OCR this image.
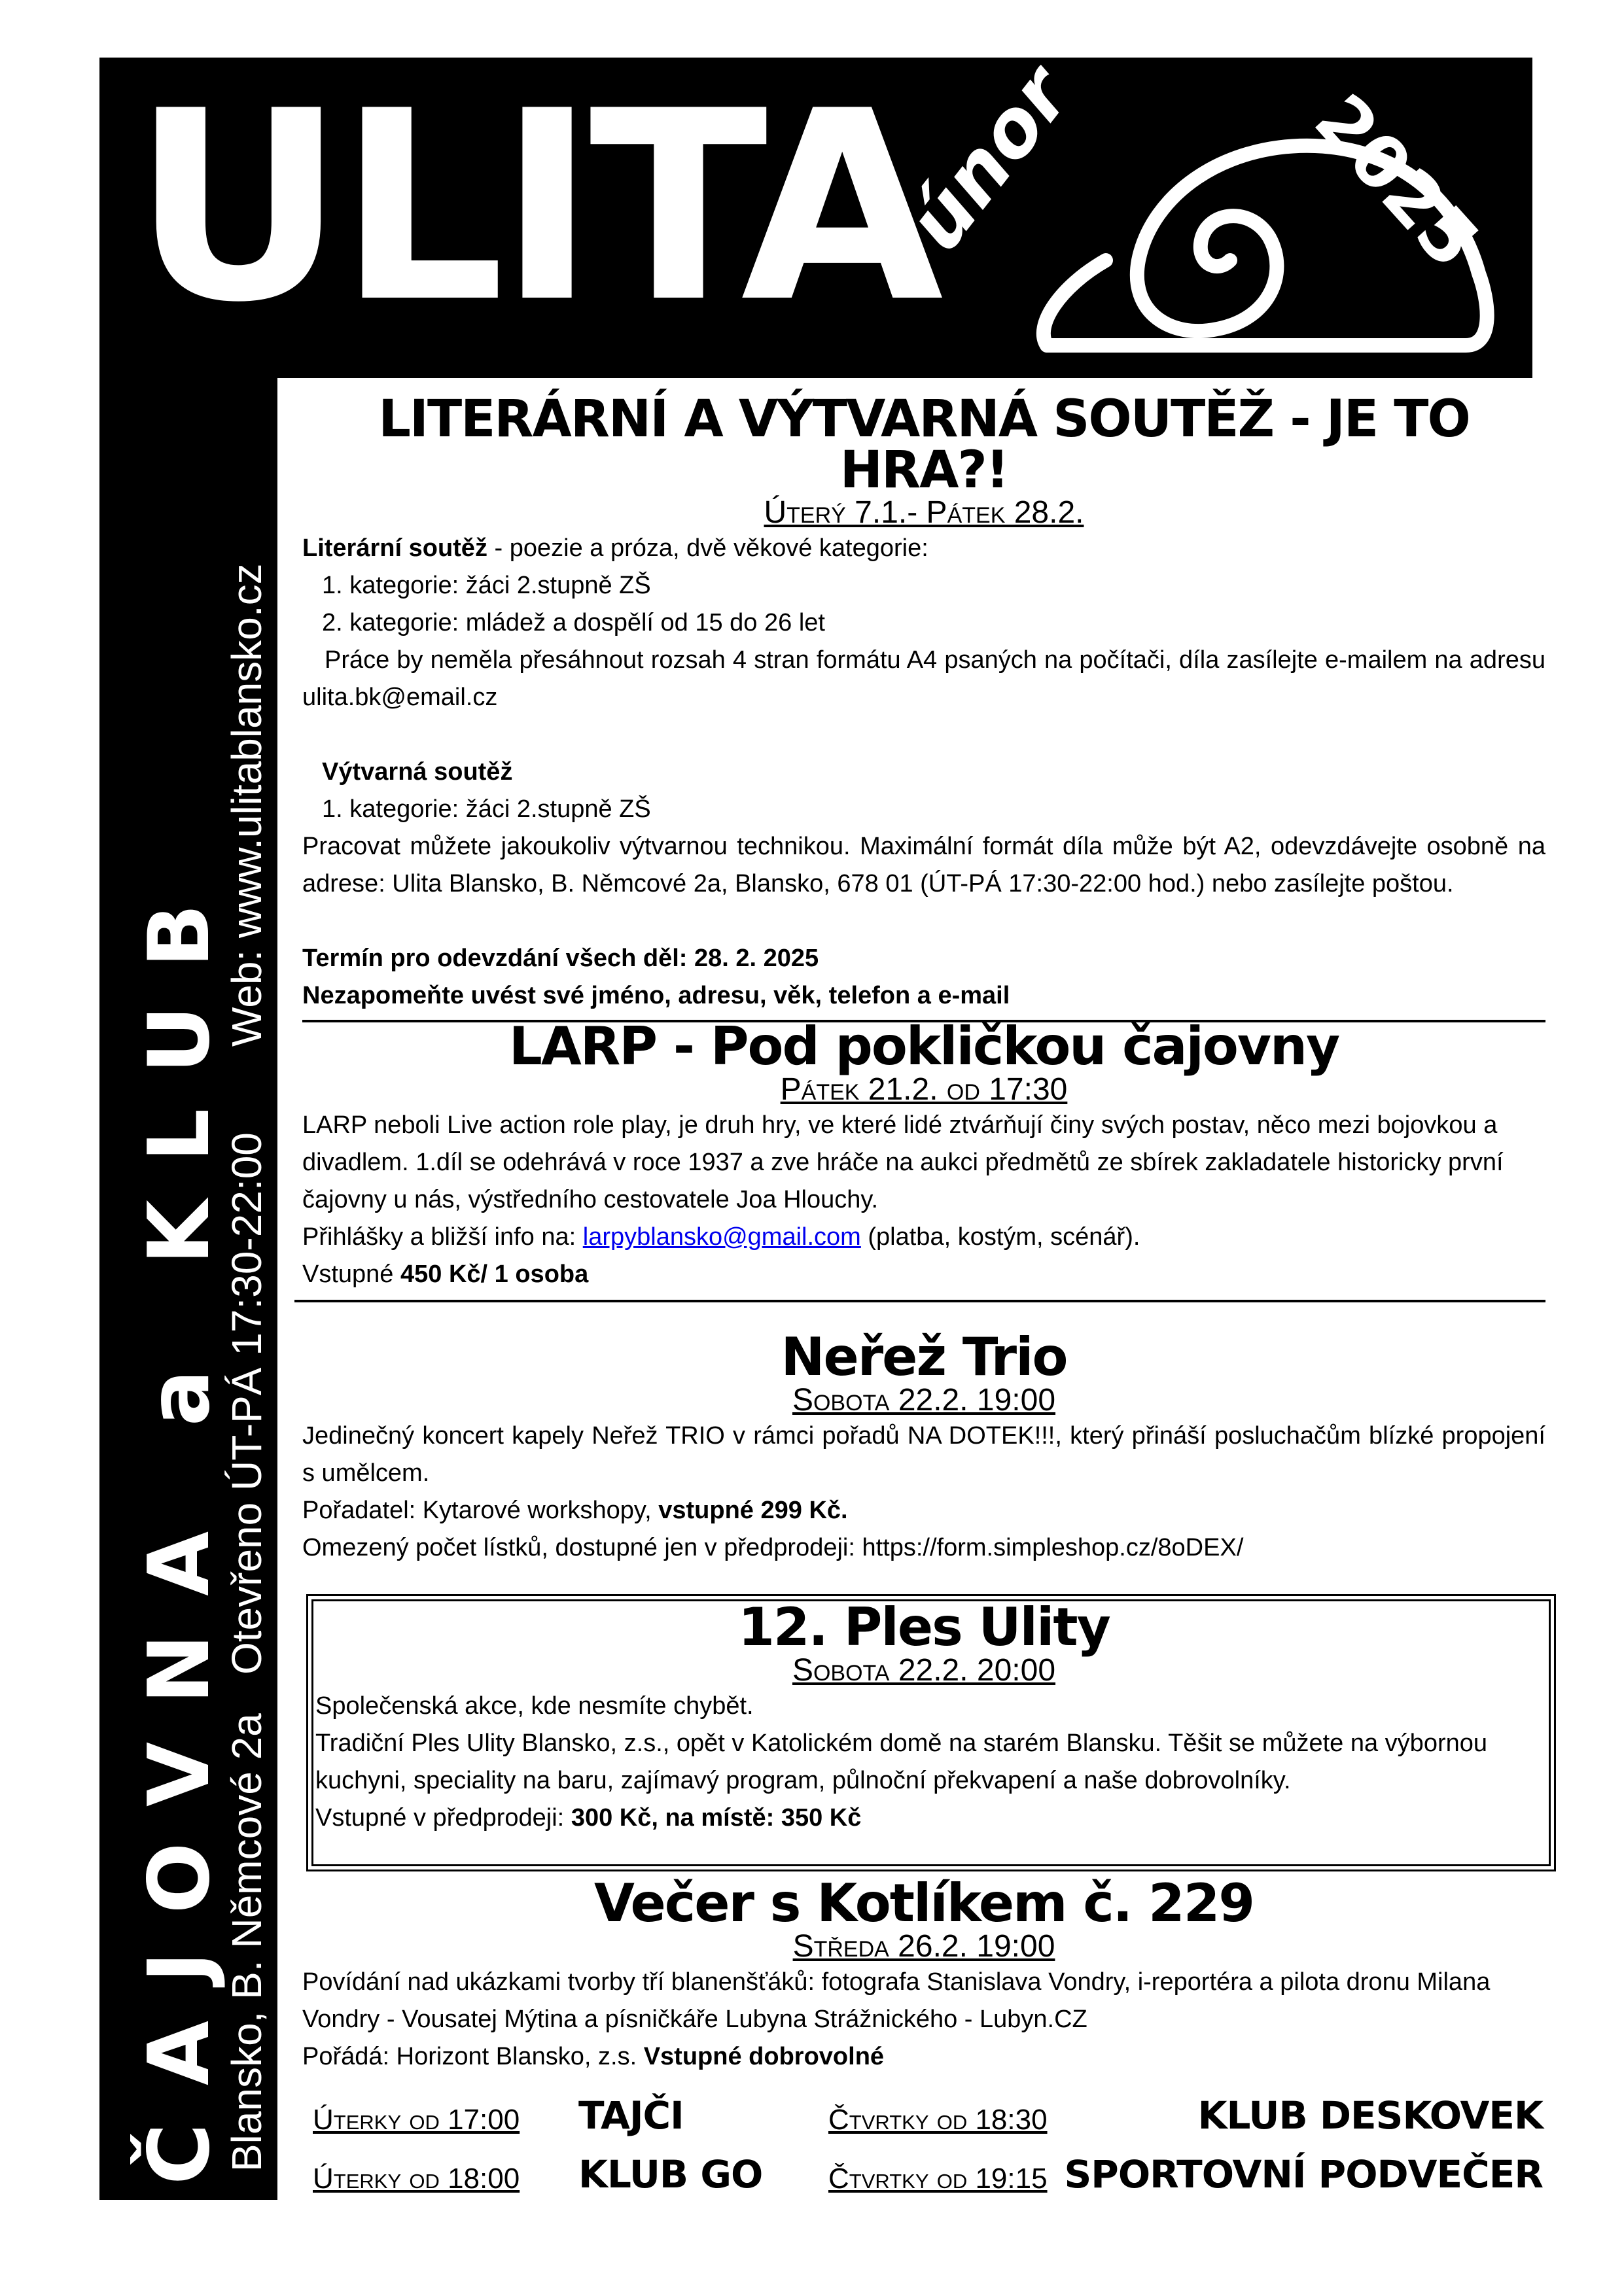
ULITA
únor	2025
ČAJOVNA a KLUB
Web: www.ulitablansko.cz
Otevřeno ÚT-PÁ 17:30-22:00
Blansko, B. Němcové 2a
LITERÁRNÍ A VÝTVARNÁ SOUTĚŽ - JE TO HRA?!
Úterý 7.1.- Pátek 28.2.

Literární soutěž - poezie a próza, dvě věkové kategorie:

1. kategorie: žáci 2.stupně ZŠ

2. kategorie: mládež a dospělí od 15 do 26 let

Práce by neměla přesáhnout rozsah 4 stran formátu A4 psaných na počítači, díla zasílejte e-mailem na adresu ulita.bk@email.cz

Výtvarná soutěž

1. kategorie: žáci 2.stupně ZŠ

Pracovat můžete jakoukoliv výtvarnou technikou. Maximální formát díla může být A2, odevzdávejte osobně na adrese: Ulita Blansko, B. Němcové 2a, Blansko, 678 01 (ÚT-PÁ 17:30-22:00 hod.) nebo zasílejte poštou.

Termín pro odevzdání všech děl: 28. 2. 2025

Nezapomeňte uvést své jméno, adresu, věk, telefon a e-mail

LARP - Pod pokličkou čajovny
Pátek 21.2. od 17:30

LARP neboli Live action role play, je druh hry, ve které lidé ztvárňují činy svých postav, něco mezi bojovkou a divadlem. 1.díl se odehrává v roce 1937 a zve hráče na aukci předmětů ze sbírek zakladatele historicky první čajovny u nás, výstředního cestovatele Joa Hlouchy.

Přihlášky a bližší info na: larpyblansko@gmail.com (platba, kostým, scénář).

Vstupné 450 Kč/ 1 osoba

Neřež Trio
Sobota 22.2. 19:00

Jedinečný koncert kapely Neřež TRIO v rámci pořadů NA DOTEK!!!, který přináší posluchačům blízké propojení s umělcem.

Pořadatel: Kytarové workshopy, vstupné 299 Kč.

Omezený počet lístků, dostupné jen v předprodeji: https://form.simpleshop.cz/8oDEX/

12. Ples Ulity
Sobota 22.2. 20:00

Společenská akce, kde nesmíte chybět.

Tradiční Ples Ulity Blansko, z.s., opět v Katolickém domě na starém Blansku. Těšit se můžete na výbornou kuchyni, speciality na baru, zajímavý program, půlnoční překvapení a naše dobrovolníky.

Vstupné v předprodeji: 300 Kč, na místě: 350 Kč

Večer s Kotlíkem č. 229
Středa 26.2. 19:00

Povídání nad ukázkami tvorby tří blanenšťáků: fotografa Stanislava Vondry, i-reportéra a pilota dronu Milana Vondry - Vousatej Mýtina a písničkáře Lubyna Strážnického - Lubyn.CZ

Pořádá: Horizont Blansko, z.s. Vstupné dobrovolné

Úterky od 17:00 TAJČI	Čtvrtky od 18:30	KLUB DESKOVEK
Úterky od 18:00 KLUB GO Čtvrtky od 19:15 SPORTOVNÍ PODVEČER
